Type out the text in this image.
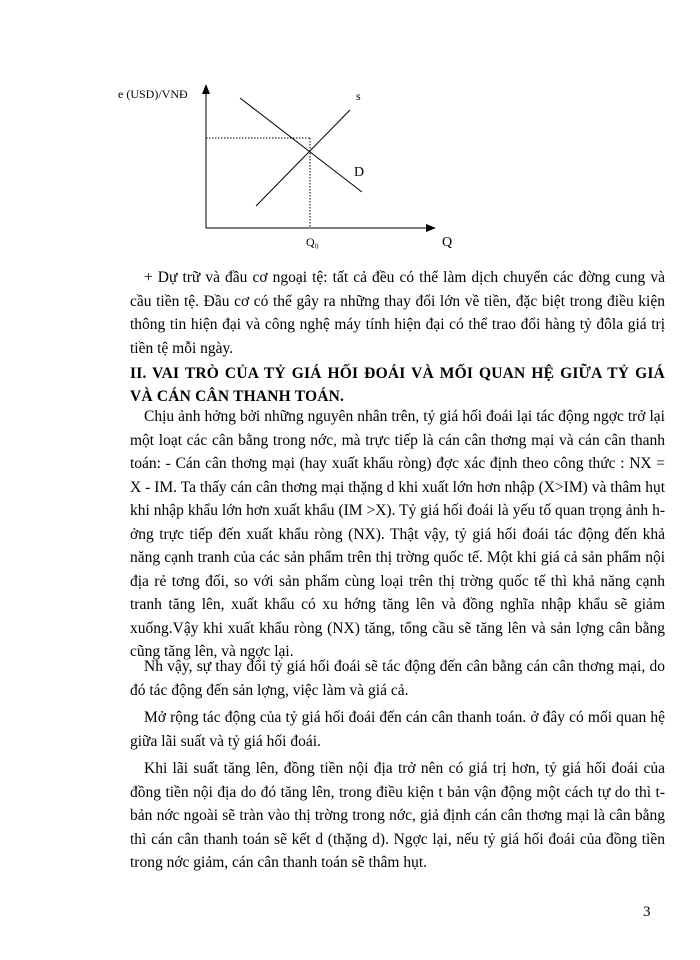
e (USD)/VNĐ	s
D
Q₀	Q

+ Dự trữ và đầu cơ ngoại tệ: tất cả đều có thể làm dịch chuyển các đờng cung và cầu tiền tệ. Đầu cơ có thể gây ra những thay đổi lớn về tiền, đặc biệt trong điều kiện thông tin hiện đại và công nghệ máy tính hiện đại có thể trao đổi hàng tỷ đôla giá trị tiền tệ mỗi ngày.

II. VAI TRÒ CỦA TỶ GIÁ HỐI ĐOÁI VÀ MỐI QUAN HỆ GIỮA TỶ GIÁ VÀ CÁN CÂN THANH TOÁN.

Chịu ảnh hởng bởi những nguyên nhân trên, tỷ giá hối đoái lại tác động ngợc trở lại một loạt các cân bằng trong nớc, mà trực tiếp là cán cân thơng mại và cán cân thanh toán: - Cán cân thơng mại (hay xuất khẩu ròng) đợc xác định theo công thức : NX = X - IM. Ta thấy cán cân thơng mại thặng d khi xuất lớn hơn nhập (X>IM) và thâm hụt khi nhập khẩu lớn hơn xuất khẩu (IM >X). Tỷ giá hối đoái là yếu tố quan trọng ảnh hởng trực tiếp đến xuất khẩu ròng (NX). Thật vậy, tỷ giá hối đoái tác động đến khả năng cạnh tranh của các sản phẩm trên thị trờng quốc tế. Một khi giá cả sản phẩm nội địa rẻ tơng đối, so với sản phẩm cùng loại trên thị trờng quốc tế thì khả năng cạnh tranh tăng lên, xuất khẩu có xu hớng tăng lên và đồng nghĩa nhập khẩu sẽ giảm xuống.Vậy khi xuất khẩu ròng (NX) tăng, tổng cầu sẽ tăng lên và sản lợng cân bằng cũng tăng lên, và ngợc lại.

Nh vậy, sự thay đổi tỷ giá hối đoái sẽ tác động đến cân bằng cán cân thơng mại, do đó tác động đến sản lợng, việc làm và giá cả.

Mở rộng tác động của tỷ giá hối đoái đến cán cân thanh toán. ở đây có mối quan hệ giữa lãi suất và tỷ giá hối đoái.

Khi lãi suất tăng lên, đồng tiền nội địa trở nên có giá trị hơn, tỷ giá hối đoái của đồng tiền nội địa do đó tăng lên, trong điều kiện t bản vận động một cách tự do thì t bản nớc ngoài sẽ tràn vào thị trờng trong nớc, giả định cán cân thơng mại là cân bằng thì cán cân thanh toán sẽ kết d (thặng d). Ngợc lại, nếu tỷ giá hối đoái của đồng tiền trong nớc giảm, cán cân thanh toán sẽ thâm hụt.

3
